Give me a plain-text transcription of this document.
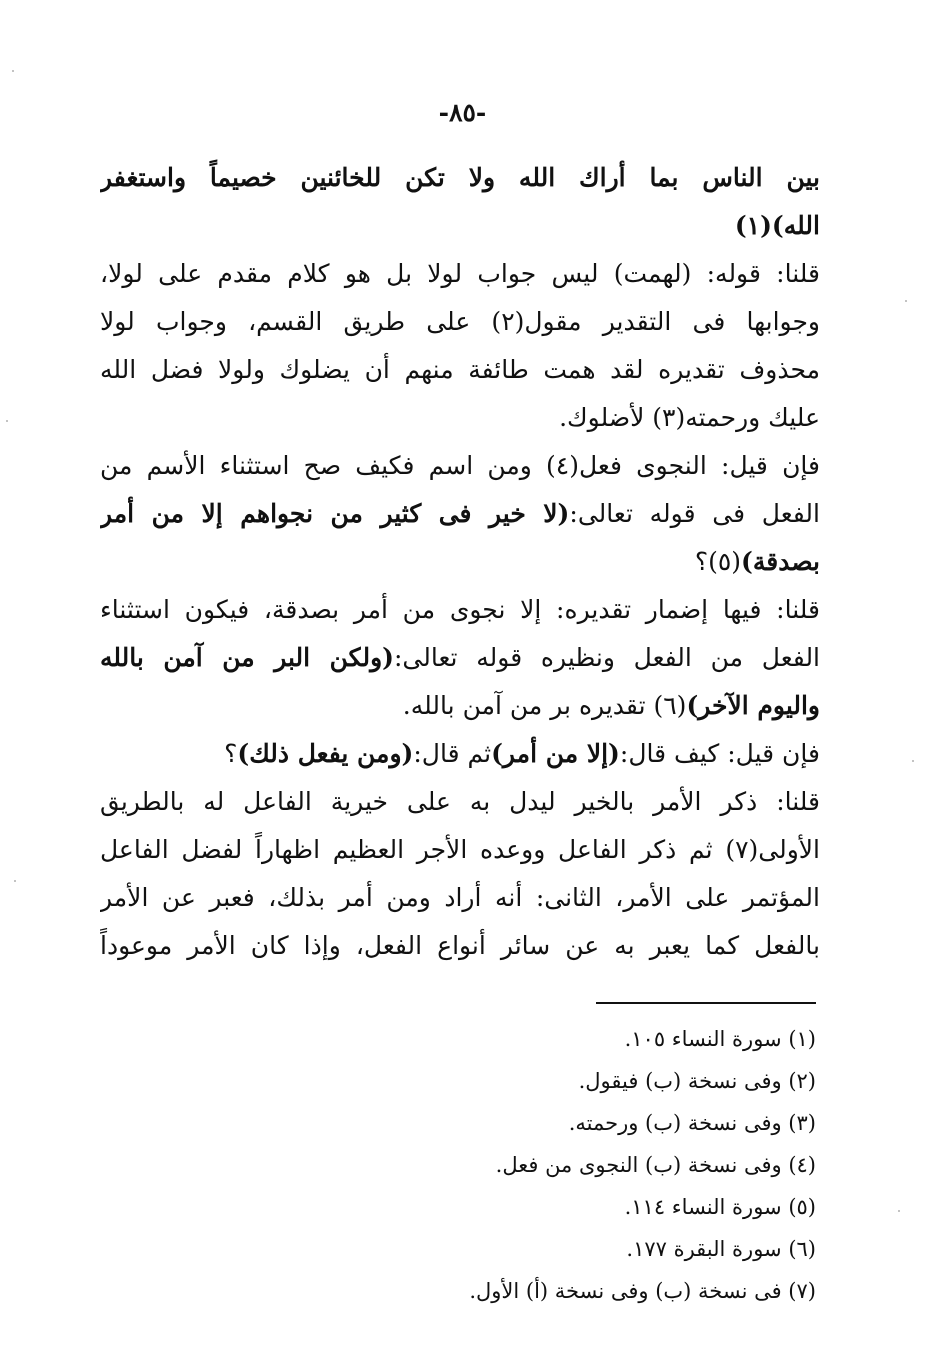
-٨٥-
بين الناس بما أراك الله ولا تكن للخائنين خصيماً واستغفر
الله)(١)
قلنا: قوله: (لهمت) ليس جواب لولا بل هو كلام مقدم على لولا،
وجوابها فى التقدير مقول(٢) على طريق القسم، وجواب لولا
محذوف تقديره لقد همت طائفة منهم أن يضلوك ولولا فضل الله
عليك ورحمته(٣) لأضلوك.
فإن قيل: النجوى فعل(٤) ومن اسم فكيف صح استثناء الأسم من
الفعل فى قوله تعالى:(لا خير فى كثير من نجواهم إلا من أمر
بصدقة)(٥)؟
قلنا: فيها إضمار تقديره: إلا نجوى من أمر بصدقة، فيكون استثناء
الفعل من الفعل ونظيره قوله تعالى:(ولكن البر من آمن بالله
واليوم الآخر)(٦) تقديره بر من آمن بالله.
فإن قيل: كيف قال:(إلا من أمر)ثم قال:(ومن يفعل ذلك)؟
قلنا: ذكر الأمر بالخير ليدل به على خيرية الفاعل له بالطريق
الأولى(٧) ثم ذكر الفاعل ووعده الأجر العظيم اظهاراً لفضل الفاعل
المؤتمر على الأمر، الثانى: أنه أراد ومن أمر بذلك، فعبر عن الأمر
بالفعل كما يعبر به عن سائر أنواع الفعل، وإذا كان الأمر موعوداً
(١) سورة النساء ١٠٥.
(٢) وفى نسخة (ب) فيقول.
(٣) وفى نسخة (ب) ورحمته.
(٤) وفى نسخة (ب) النجوى من فعل.
(٥) سورة النساء ١١٤.
(٦) سورة البقرة ١٧٧.
(٧) فى نسخة (ب) وفى نسخة (أ) الأول.
